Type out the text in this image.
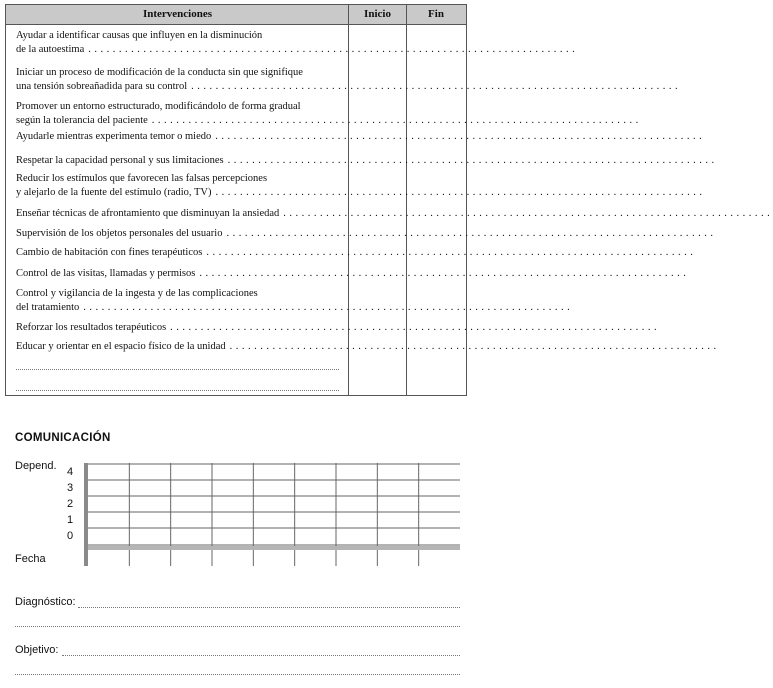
Intervenciones	Inicio	Fin
Ayudar a identificar causas que influyen en la disminución
de la autoestima ................................................................................
Iniciar un proceso de modificación de la conducta sin que signifique
una tensión sobreañadida para su control ................................................................................
Promover un entorno estructurado, modificándolo de forma gradual
según la tolerancia del paciente ................................................................................
Ayudarle mientras experimenta temor o miedo ................................................................................
Respetar la capacidad personal y sus limitaciones ................................................................................
Reducir los estímulos que favorecen las falsas percepciones
y alejarlo de la fuente del estímulo (radio, TV) ................................................................................
Enseñar técnicas de afrontamiento que disminuyan la ansiedad ................................................................................
Supervisión de los objetos personales del usuario ................................................................................
Cambio de habitación con fines terapéuticos ................................................................................
Control de las visitas, llamadas y permisos ................................................................................
Control y vigilancia de la ingesta y de las complicaciones
del tratamiento ................................................................................
Reforzar los resultados terapéuticos ................................................................................
Educar y orientar en el espacio físico de la unidad ................................................................................
COMUNICACIÓN
Depend. 4
3
2
1
0
Fecha
Diagnóstico:
Objetivo:
